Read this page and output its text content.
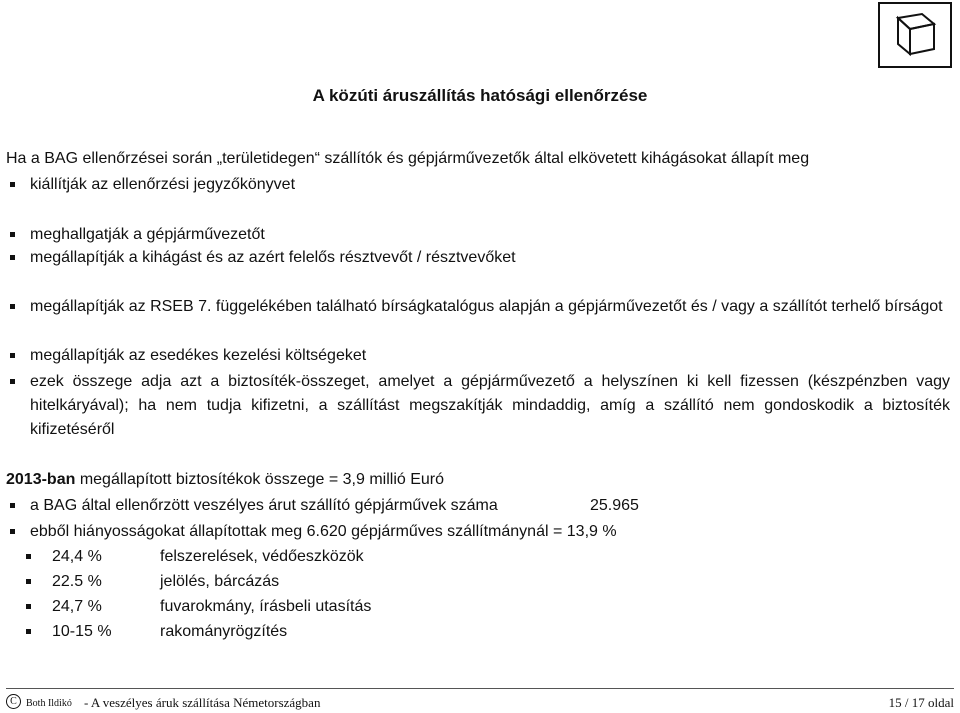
A közúti áruszállítás hatósági ellenőrzése
Ha a BAG ellenőrzései során „területidegen“ szállítók és gépjárművezetők által elkövetett kihágásokat állapít meg
kiállítják az ellenőrzési jegyzőkönyvet
meghallgatják a gépjárművezetőt
megállapítják a kihágást és az azért felelős résztvevőt / résztvevőket
megállapítják az RSEB 7. függelékében található bírságkatalógus alapján a gépjárművezetőt és / vagy a szállítót terhelő bírságot
megállapítják az esedékes kezelési költségeket
ezek összege adja azt a biztosíték-összeget, amelyet a gépjárművezető a helyszínen ki kell fizessen (készpénzben vagy hitelkáryával); ha nem tudja kifizetni, a szállítást megszakítják mindaddig, amíg a szállító nem gondoskodik a biztosíték kifizetéséről
2013-ban megállapított biztosítékok összege = 3,9 millió Euró
a BAG által ellenőrzött veszélyes árut szállító gépjárművek száma	25.965
ebből hiányosságokat állapítottak meg 6.620 gépjárműves szállítmánynál = 13,9 %
24,4 %	felszerelések, védőeszközök
22.5 %	jelölés, bárcázás
24,7 %	fuvarokmány, írásbeli utasítás
10-15 %	rakományrögzítés
C Both Ildikó - A veszélyes áruk szállítása Németországban	15 / 17 oldal
